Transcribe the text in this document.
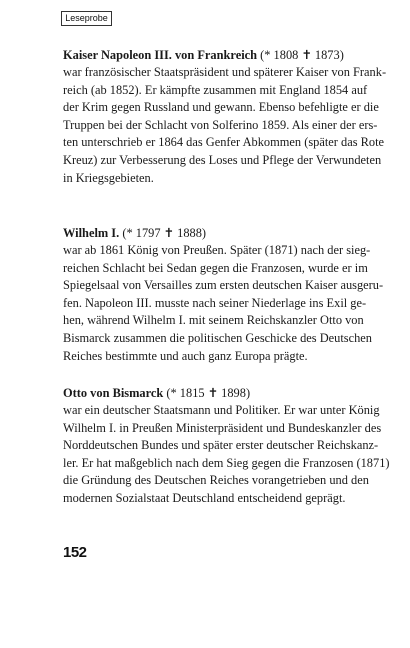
Leseprobe
Kaiser Napoleon III. von Frankreich (* 1808 ✝ 1873)
war französischer Staatspräsident und späterer Kaiser von Frank-
reich (ab 1852). Er kämpfte zusammen mit England 1854 auf
der Krim gegen Russland und gewann. Ebenso befehligte er die
Truppen bei der Schlacht von Solferino 1859. Als einer der ers-
ten unterschrieb er 1864 das Genfer Abkommen (später das Rote
Kreuz) zur Verbesserung des Loses und Pflege der Verwundeten
in Kriegsgebieten.
Wilhelm I. (* 1797 ✝ 1888)
war ab 1861 König von Preußen. Später (1871) nach der sieg-
reichen Schlacht bei Sedan gegen die Franzosen, wurde er im
Spiegelsaal von Versailles zum ersten deutschen Kaiser ausgeru-
fen. Napoleon III. musste nach seiner Niederlage ins Exil ge-
hen, während Wilhelm I. mit seinem Reichskanzler Otto von
Bismarck zusammen die politischen Geschicke des Deutschen
Reiches bestimmte und auch ganz Europa prägte.
Otto von Bismarck (* 1815 ✝ 1898)
war ein deutscher Staatsmann und Politiker. Er war unter König
Wilhelm I. in Preußen Ministerpräsident und Bundeskanzler des
Norddeutschen Bundes und später erster deutscher Reichskanz-
ler. Er hat maßgeblich nach dem Sieg gegen die Franzosen (1871)
die Gründung des Deutschen Reiches vorangetrieben und den
modernen Sozialstaat Deutschland entscheidend geprägt.
152
